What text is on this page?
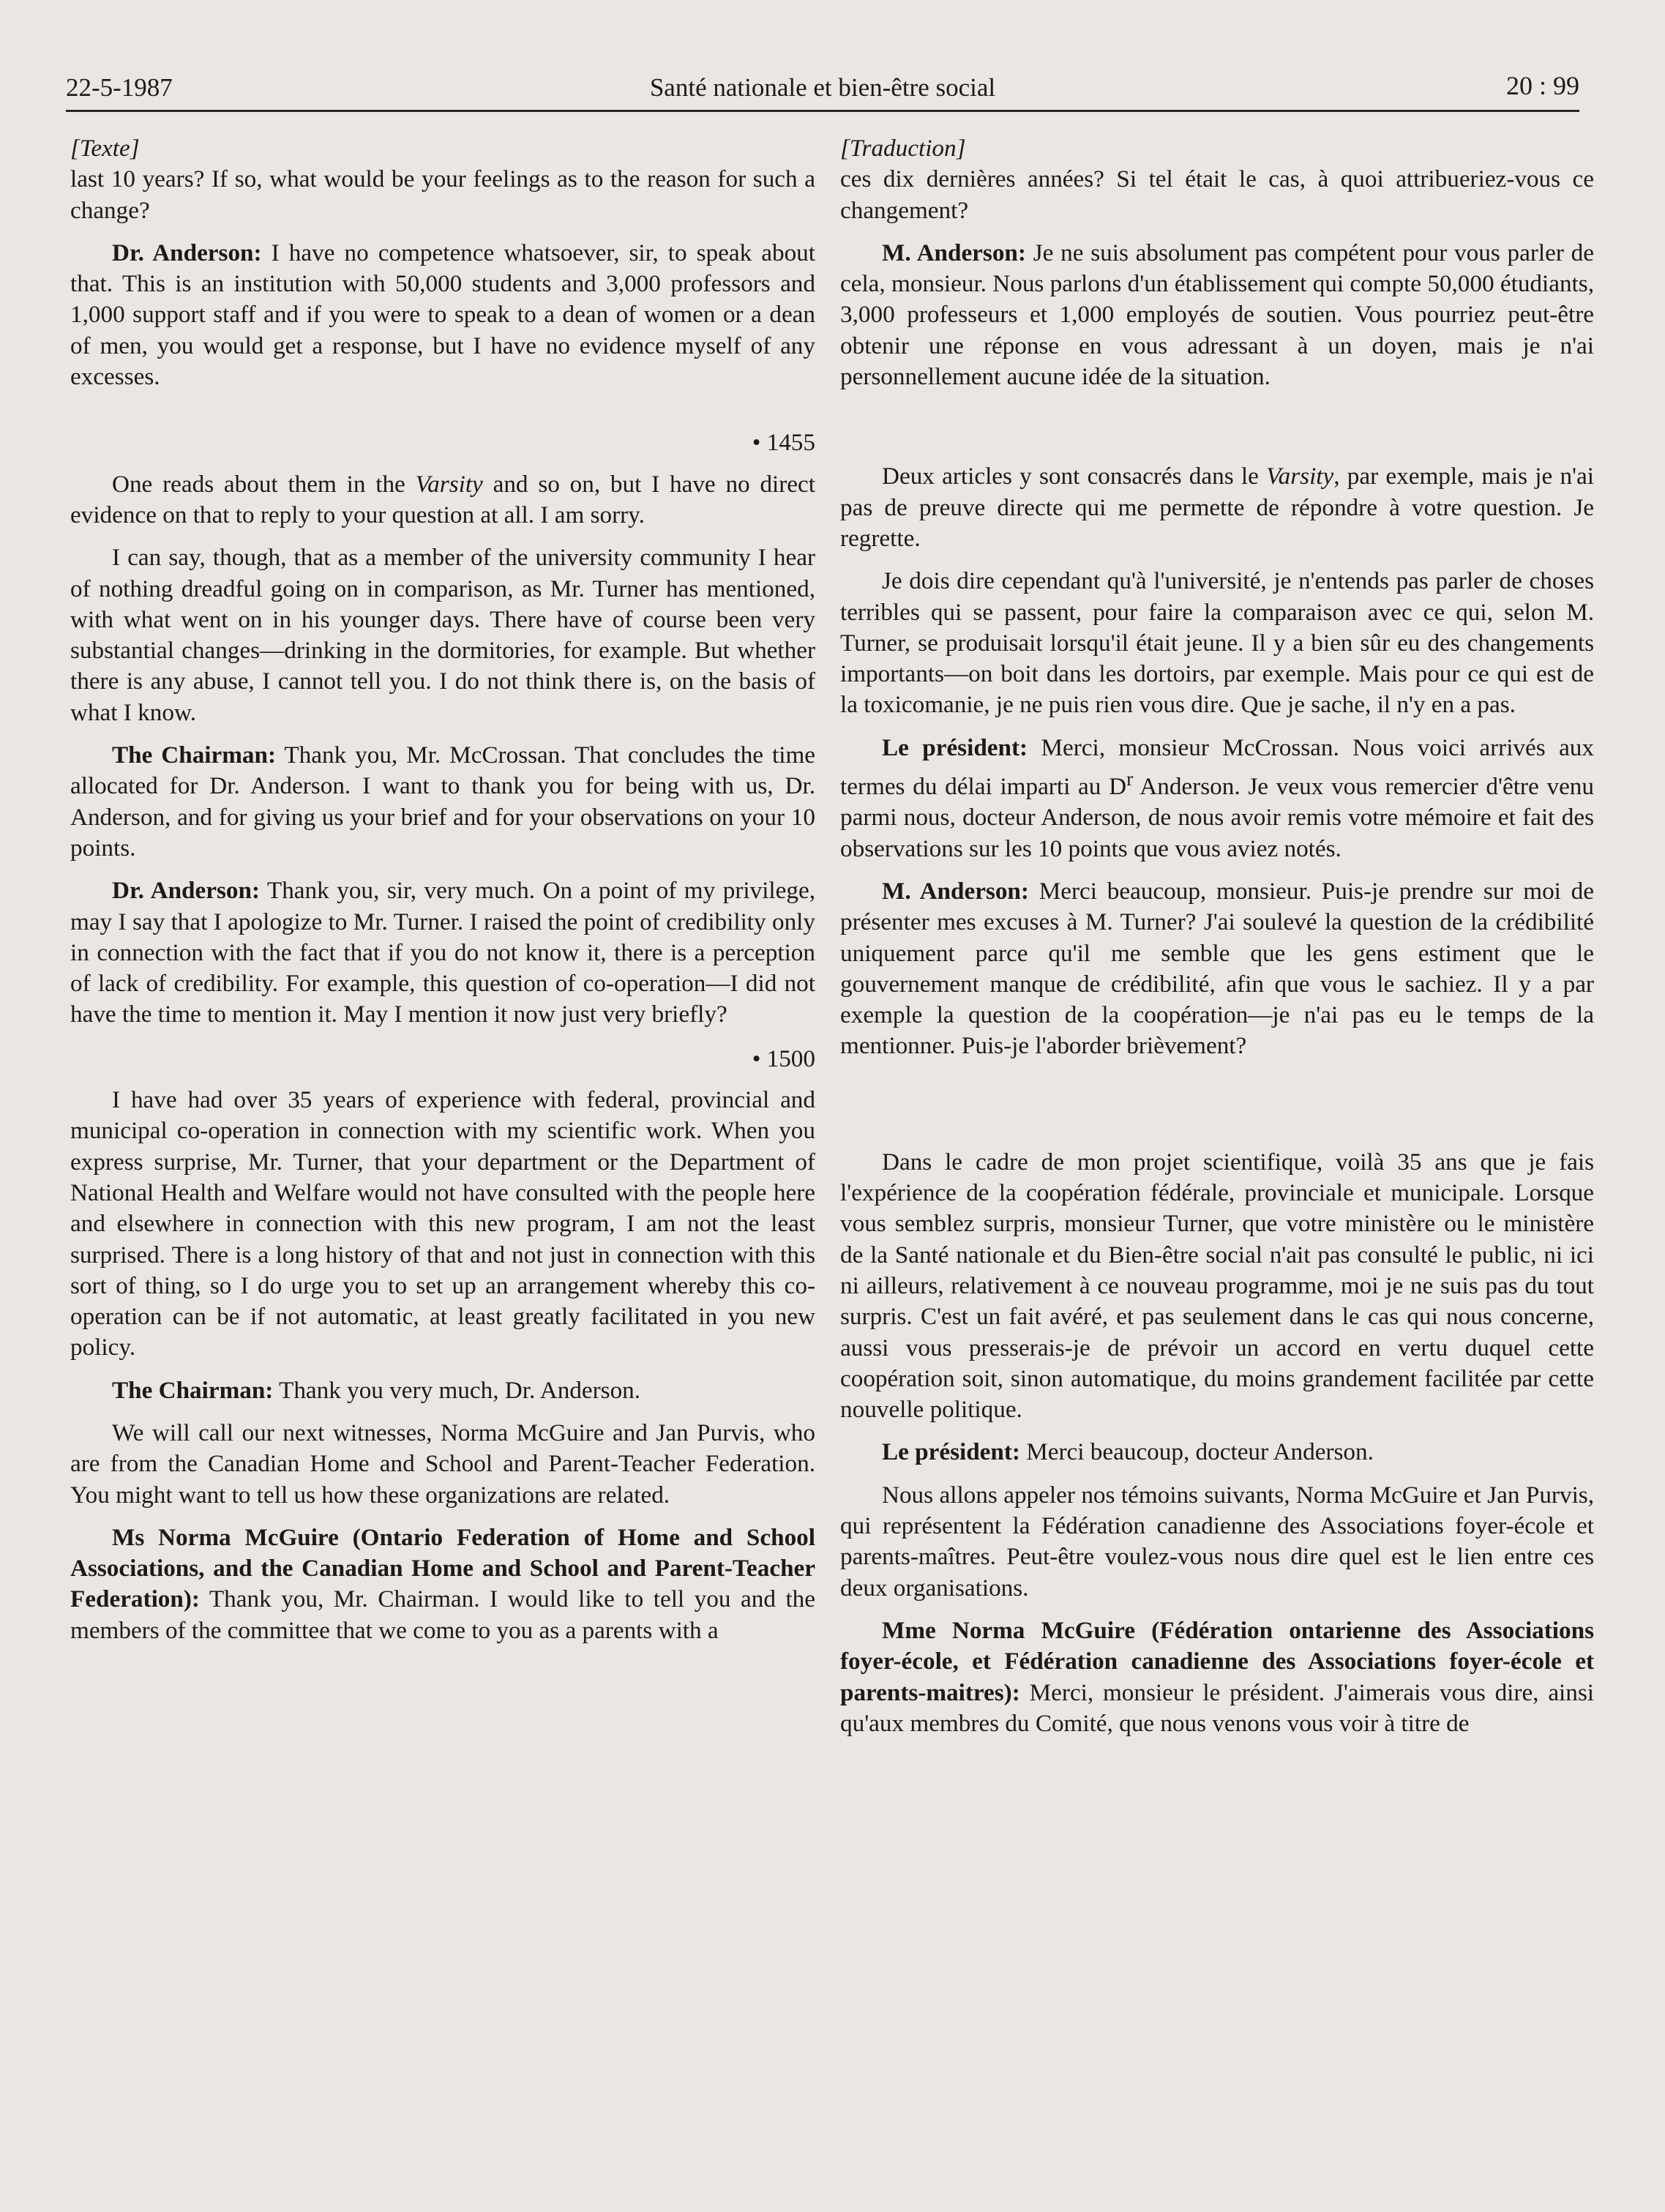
22-5-1987	Santé nationale et bien-être social	20 : 99

[Texte]

last 10 years? If so, what would be your feelings as to the reason for such a change?

Dr. Anderson: I have no competence whatsoever, sir, to speak about that. This is an institution with 50,000 students and 3,000 professors and 1,000 support staff and if you were to speak to a dean of women or a dean of men, you would get a response, but I have no evidence myself of any excesses.

• 1455

One reads about them in the Varsity and so on, but I have no direct evidence on that to reply to your question at all. I am sorry.

I can say, though, that as a member of the university community I hear of nothing dreadful going on in comparison, as Mr. Turner has mentioned, with what went on in his younger days. There have of course been very substantial changes—drinking in the dormitories, for example. But whether there is any abuse, I cannot tell you. I do not think there is, on the basis of what I know.

The Chairman: Thank you, Mr. McCrossan. That concludes the time allocated for Dr. Anderson. I want to thank you for being with us, Dr. Anderson, and for giving us your brief and for your observations on your 10 points.

Dr. Anderson: Thank you, sir, very much. On a point of my privilege, may I say that I apologize to Mr. Turner. I raised the point of credibility only in connection with the fact that if you do not know it, there is a perception of lack of credibility. For example, this question of co-operation—I did not have the time to mention it. May I mention it now just very briefly?

• 1500

I have had over 35 years of experience with federal, provincial and municipal co-operation in connection with my scientific work. When you express surprise, Mr. Turner, that your department or the Department of National Health and Welfare would not have consulted with the people here and elsewhere in connection with this new program, I am not the least surprised. There is a long history of that and not just in connection with this sort of thing, so I do urge you to set up an arrangement whereby this co-operation can be if not automatic, at least greatly facilitated in you new policy.

The Chairman: Thank you very much, Dr. Anderson.

We will call our next witnesses, Norma McGuire and Jan Purvis, who are from the Canadian Home and School and Parent-Teacher Federation. You might want to tell us how these organizations are related.

Ms Norma McGuire (Ontario Federation of Home and School Associations, and the Canadian Home and School and Parent-Teacher Federation): Thank you, Mr. Chairman. I would like to tell you and the members of the committee that we come to you as a parents with a

[Traduction]

ces dix dernières années? Si tel était le cas, à quoi attribueriez-vous ce changement?

M. Anderson: Je ne suis absolument pas compétent pour vous parler de cela, monsieur. Nous parlons d'un établissement qui compte 50,000 étudiants, 3,000 professeurs et 1,000 employés de soutien. Vous pourriez peut-être obtenir une réponse en vous adressant à un doyen, mais je n'ai personnellement aucune idée de la situation.

Deux articles y sont consacrés dans le Varsity, par exemple, mais je n'ai pas de preuve directe qui me permette de répondre à votre question. Je regrette.

Je dois dire cependant qu'à l'université, je n'entends pas parler de choses terribles qui se passent, pour faire la comparaison avec ce qui, selon M. Turner, se produisait lorsqu'il était jeune. Il y a bien sûr eu des changements importants—on boit dans les dortoirs, par exemple. Mais pour ce qui est de la toxicomanie, je ne puis rien vous dire. Que je sache, il n'y en a pas.

Le président: Merci, monsieur McCrossan. Nous voici arrivés aux termes du délai imparti au $D^r$ Anderson. Je veux vous remercier d'être venu parmi nous, docteur Anderson, de nous avoir remis votre mémoire et fait des observations sur les 10 points que vous aviez notés.

M. Anderson: Merci beaucoup, monsieur. Puis-je prendre sur moi de présenter mes excuses à M. Turner? J'ai soulevé la question de la crédibilité uniquement parce qu'il me semble que les gens estiment que le gouvernement manque de crédibilité, afin que vous le sachiez. Il y a par exemple la question de la coopération—je n'ai pas eu le temps de la mentionner. Puis-je l'aborder brièvement?

Dans le cadre de mon projet scientifique, voilà 35 ans que je fais l'expérience de la coopération fédérale, provinciale et municipale. Lorsque vous semblez surpris, monsieur Turner, que votre ministère ou le ministère de la Santé nationale et du Bien-être social n'ait pas consulté le public, ni ici ni ailleurs, relativement à ce nouveau programme, moi je ne suis pas du tout surpris. C'est un fait avéré, et pas seulement dans le cas qui nous concerne, aussi vous presserais-je de prévoir un accord en vertu duquel cette coopération soit, sinon automatique, du moins grandement facilitée par cette nouvelle politique.

Le président: Merci beaucoup, docteur Anderson.

Nous allons appeler nos témoins suivants, Norma McGuire et Jan Purvis, qui représentent la Fédération canadienne des Associations foyer-école et parents-maîtres. Peut-être voulez-vous nous dire quel est le lien entre ces deux organisations.

Mme Norma McGuire (Fédération ontarienne des Associations foyer-école, et Fédération canadienne des Associations foyer-école et parents-maitres): Merci, monsieur le président. J'aimerais vous dire, ainsi qu'aux membres du Comité, que nous venons vous voir à titre de
